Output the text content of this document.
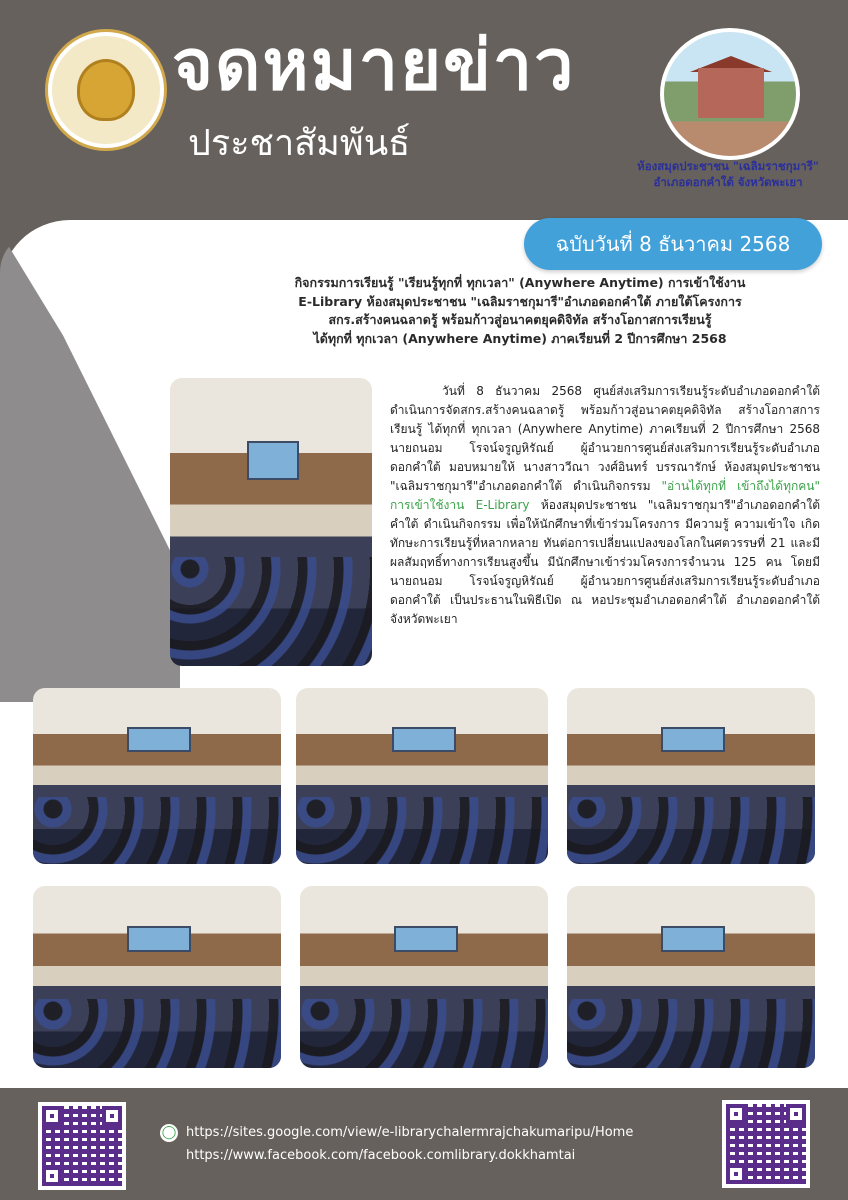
จดหมายข่าว
ประชาสัมพันธ์
ห้องสมุดประชาชน "เฉลิมราชกุมารี"
อำเภอดอกคำใต้ จังหวัดพะเยา
ฉบับวันที่ 8 ธันวาคม 2568
กิจกรรมการเรียนรู้ "เรียนรู้ทุกที่ ทุกเวลา" (Anywhere Anytime) การเข้าใช้งาน
E-Library ห้องสมุดประชาชน "เฉลิมราชกุมารี"อำเภอดอกคำใต้ ภายใต้โครงการ
สกร.สร้างคนฉลาดรู้ พร้อมก้าวสู่อนาคตยุคดิจิทัล สร้างโอกาสการเรียนรู้
ได้ทุกที่ ทุกเวลา (Anywhere Anytime) ภาคเรียนที่ 2 ปีการศึกษา 2568

วันที่ 8 ธันวาคม 2568 ศูนย์ส่งเสริมการเรียนรู้ระดับอำเภอดอกคำใต้ ดำเนินการจัดสกร.สร้างคนฉลาดรู้ พร้อมก้าวสู่อนาคตยุคดิจิทัล สร้างโอกาสการเรียนรู้ ได้ทุกที่ ทุกเวลา (Anywhere Anytime) ภาคเรียนที่ 2 ปีการศึกษา 2568 นายถนอม โรจน์จรูญหิรัณย์ ผู้อำนวยการศูนย์ส่งเสริมการเรียนรู้ระดับอำเภอดอกคำใต้ มอบหมายให้ นางสาววีณา วงศ์อินทร์ บรรณารักษ์ ห้องสมุดประชาชน "เฉลิมราชกุมารี"อำเภอดอกคำใต้ ดำเนินกิจกรรม "อ่านได้ทุกที่ เข้าถึงได้ทุกคน" การเข้าใช้งาน E-Library ห้องสมุดประชาชน "เฉลิมราชกุมารี"อำเภอดอกคำใต้คำใต้ ดำเนินกิจกรรม เพื่อให้นักศึกษาที่เข้าร่วมโครงการ มีความรู้ ความเข้าใจ เกิดทักษะการเรียนรู้ที่หลากหลาย ทันต่อการเปลี่ยนแปลงของโลกในศตวรรษที่ 21 และมีผลสัมฤทธิ์ทางการเรียนสูงขึ้น มีนักศึกษาเข้าร่วมโครงการจำนวน 125 คน โดยมีนายถนอม โรจน์จรูญหิรัณย์ ผู้อำนวยการศูนย์ส่งเสริมการเรียนรู้ระดับอำเภอดอกคำใต้ เป็นประธานในพิธีเปิด ณ หอประชุมอำเภอดอกคำใต้ อำเภอดอกคำใต้ จังหวัดพะเยา

◯ https://sites.google.com/view/e-librarychalermrajchakumaripu/Home
https://www.facebook.com/facebook.comlibrary.dokkhamtai
